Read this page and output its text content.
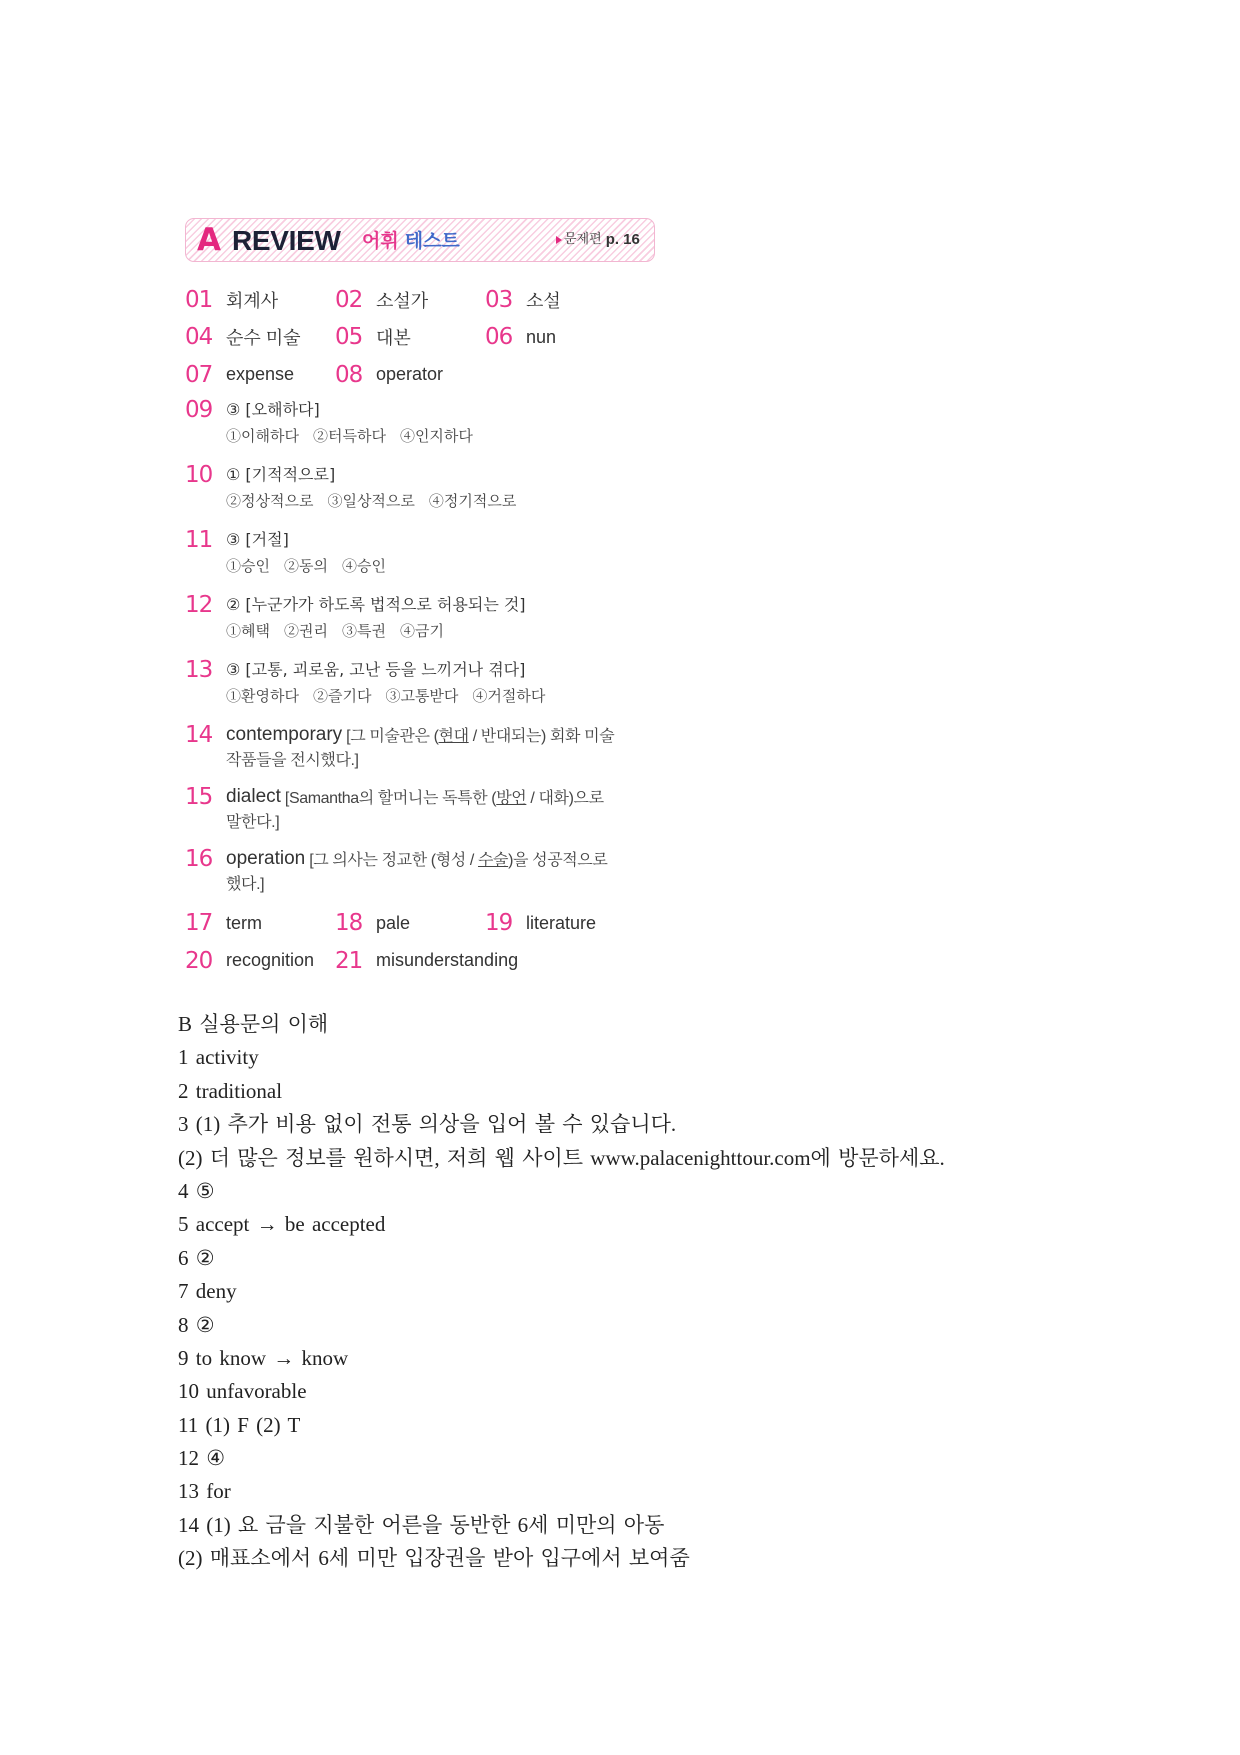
A REVIEW 어휘 테스트	문제편 p. 16
01 회계사 02 소설가 03 소설
04 순수 미술 05 대본	06 nun
07 expense 08 operator
09 ③ [오해하다]
①이해하다 ②터득하다 ④인지하다
10 ① [기적적으로]
②정상적으로 ③일상적으로 ④정기적으로
11 ③ [거절]
①승인 ②동의 ④승인
12 ② [누군가가 하도록 법적으로 허용되는 것]
①혜택 ②권리 ③특권 ④금기
13 ③ [고통, 괴로움, 고난 등을 느끼거나 겪다]
①환영하다 ②즐기다 ③고통받다 ④거절하다
14 contemporary [그 미술관은 (현대 / 반대되는) 회화 미술
작품들을 전시했다.]
15 dialect [Samantha의 할머니는 독특한 (방언 / 대화)으로
말한다.]
16 operation [그 의사는 정교한 (형성 / 수술)을 성공적으로
했다.]
17 term	18 pale	19 literature
20 recognition 21 misunderstanding
B 실용문의 이해
1 activity
2 traditional
3 (1) 추가 비용 없이 전통 의상을 입어 볼 수 있습니다.
(2) 더 많은 정보를 원하시면, 저희 웹 사이트 www.palacenighttour.com에 방문하세요.
4 ⑤
5 accept → be accepted
6 ②
7 deny
8 ②
9 to know → know
10 unfavorable
11 (1) F (2) T
12 ④
13 for
14 (1) 요 금을 지불한 어른을 동반한 6세 미만의 아동
(2) 매표소에서 6세 미만 입장권을 받아 입구에서 보여줌
